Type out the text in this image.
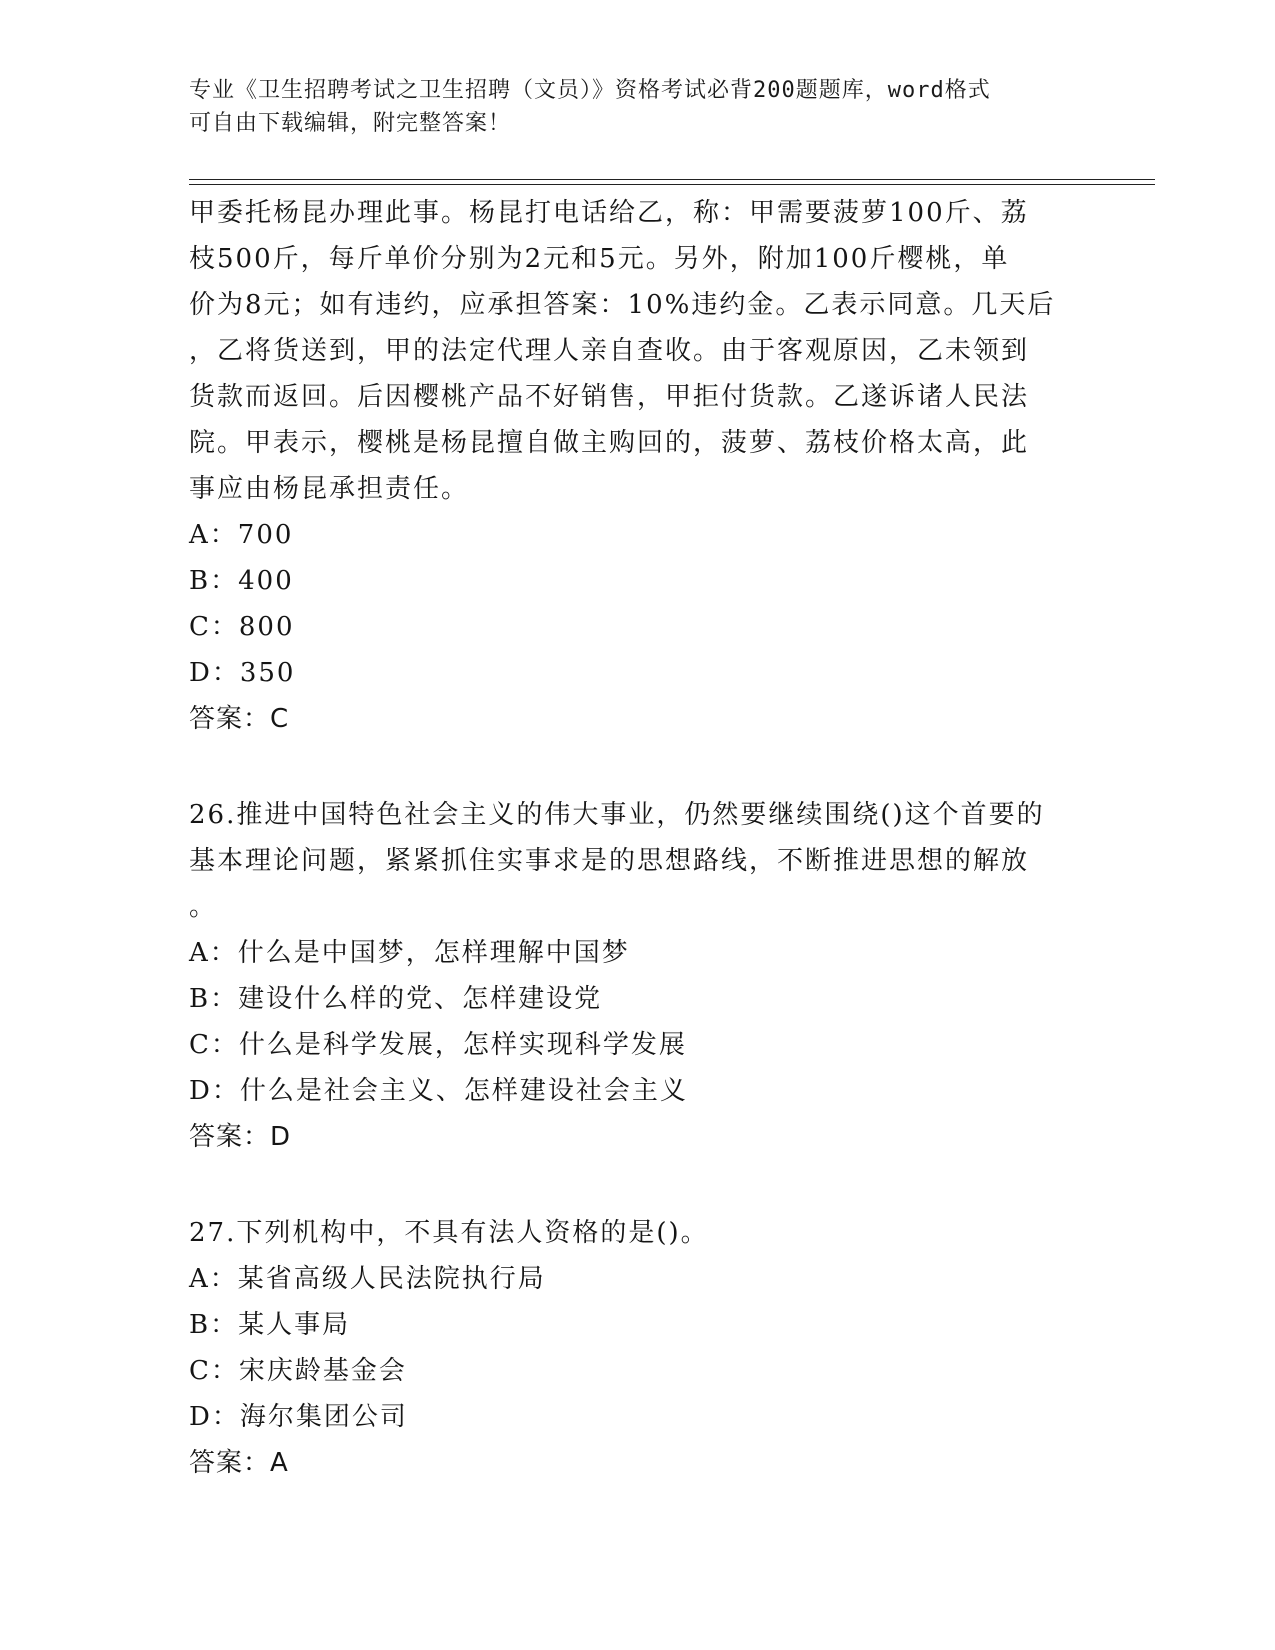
专业《卫生招聘考试之卫生招聘（文员）》资格考试必背200题题库，word格式
可自由下载编辑，附完整答案！

甲委托杨昆办理此事。杨昆打电话给乙，称：甲需要菠萝100斤、荔

枝500斤，每斤单价分别为2元和5元。另外，附加100斤樱桃，单

价为8元；如有违约，应承担答案：10%违约金。乙表示同意。几天后

，乙将货送到，甲的法定代理人亲自查收。由于客观原因，乙未领到

货款而返回。后因樱桃产品不好销售，甲拒付货款。乙遂诉诸人民法

院。甲表示，樱桃是杨昆擅自做主购回的，菠萝、荔枝价格太高，此

事应由杨昆承担责任。

A：700

B：400

C：800

D：350

答案：C

26.推进中国特色社会主义的伟大事业，仍然要继续围绕()这个首要的

基本理论问题，紧紧抓住实事求是的思想路线，不断推进思想的解放

。

A：什么是中国梦，怎样理解中国梦

B：建设什么样的党、怎样建设党

C：什么是科学发展，怎样实现科学发展

D：什么是社会主义、怎样建设社会主义

答案：D

27.下列机构中，不具有法人资格的是()。

A：某省高级人民法院执行局

B：某人事局

C：宋庆龄基金会

D：海尔集团公司

答案：A
